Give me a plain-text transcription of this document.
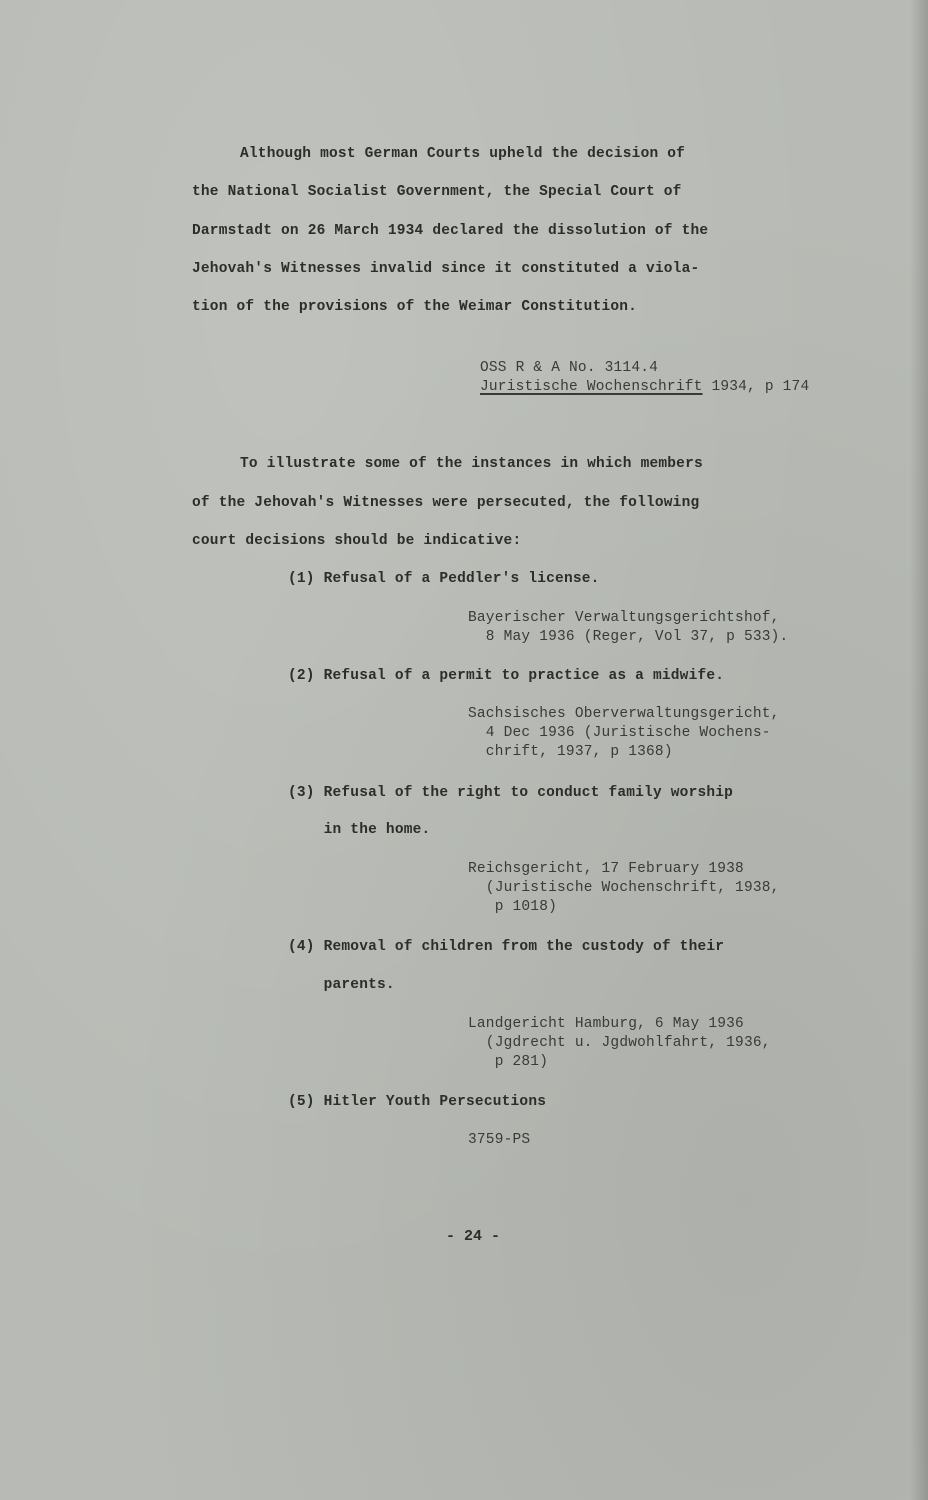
Although most German Courts upheld the decision of
the National Socialist Government, the Special Court of
Darmstadt on 26 March 1934 declared the dissolution of the
Jehovah's Witnesses invalid since it constituted a viola-
tion of the provisions of the Weimar Constitution.
OSS R & A No. 3114.4
Juristische Wochenschrift 1934, p 174
To illustrate some of the instances in which members
of the Jehovah's Witnesses were persecuted, the following
court decisions should be indicative:
(1) Refusal of a Peddler's license.
Bayerischer Verwaltungsgerichtshof,
8 May 1936 (Reger, Vol 37, p 533).
(2) Refusal of a permit to practice as a midwife.
Sachsisches Oberverwaltungsgericht,
4 Dec 1936 (Juristische Wochens-
chrift, 1937, p 1368)
(3) Refusal of the right to conduct family worship
in the home.
Reichsgericht, 17 February 1938
(Juristische Wochenschrift, 1938,
p 1018)
(4) Removal of children from the custody of their
parents.
Landgericht Hamburg, 6 May 1936
(Jgdrecht u. Jgdwohlfahrt, 1936,
p 281)
(5) Hitler Youth Persecutions
3759-PS
- 24 -
